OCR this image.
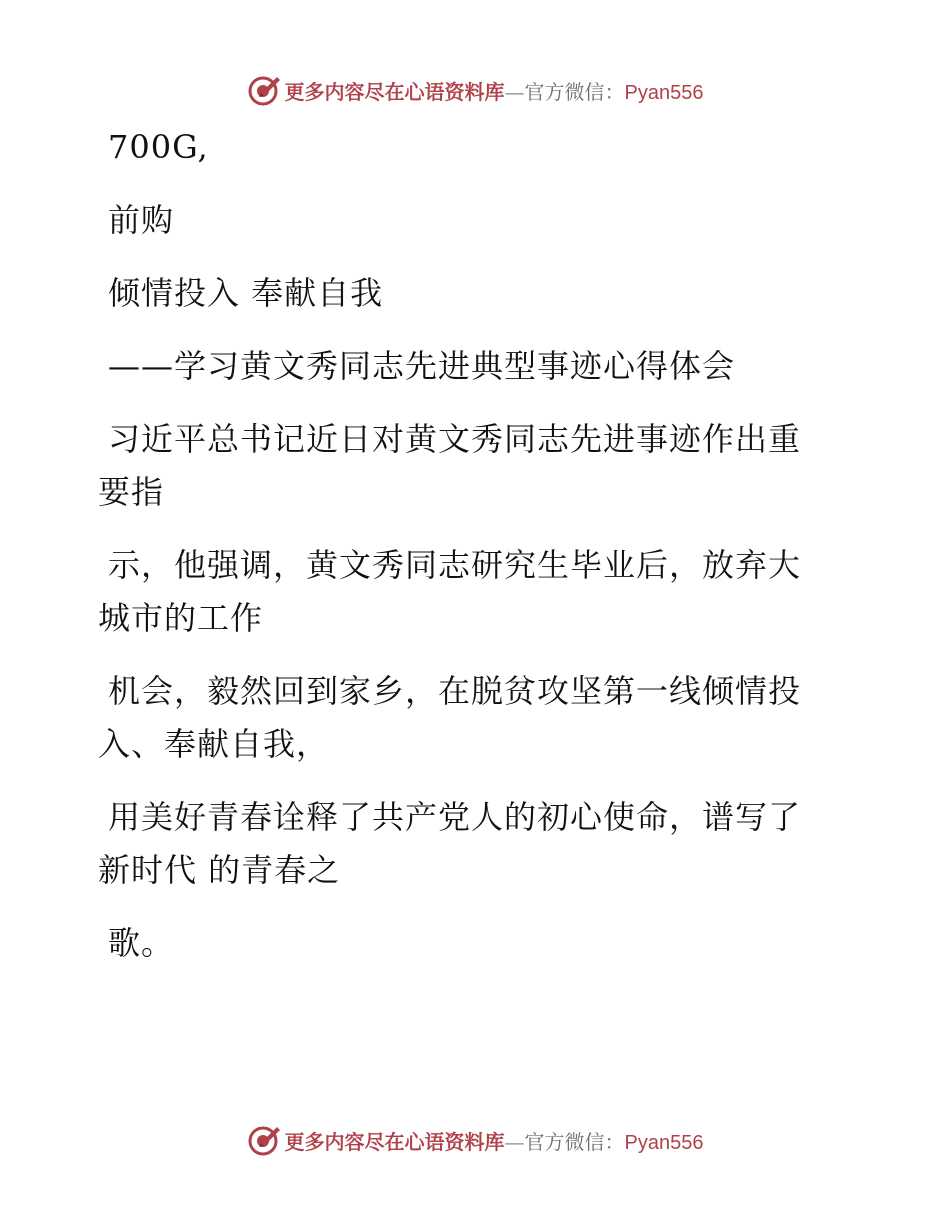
更多内容尽在心语资料库—官方微信：Pyan556

700G,

前购

倾情投入 奉献自我

——学习黄文秀同志先进典型事迹心得体会

习近平总书记近日对黄文秀同志先进事迹作出重

要指

示，他强调，黄文秀同志研究生毕业后，放弃大

城市的工作

机会，毅然回到家乡，在脱贫攻坚第一线倾情投

入、奉献自我，

用美好青春诠释了共产党人的初心使命，谱写了

新时代 的青春之

歌。

更多内容尽在心语资料库—官方微信：Pyan556
